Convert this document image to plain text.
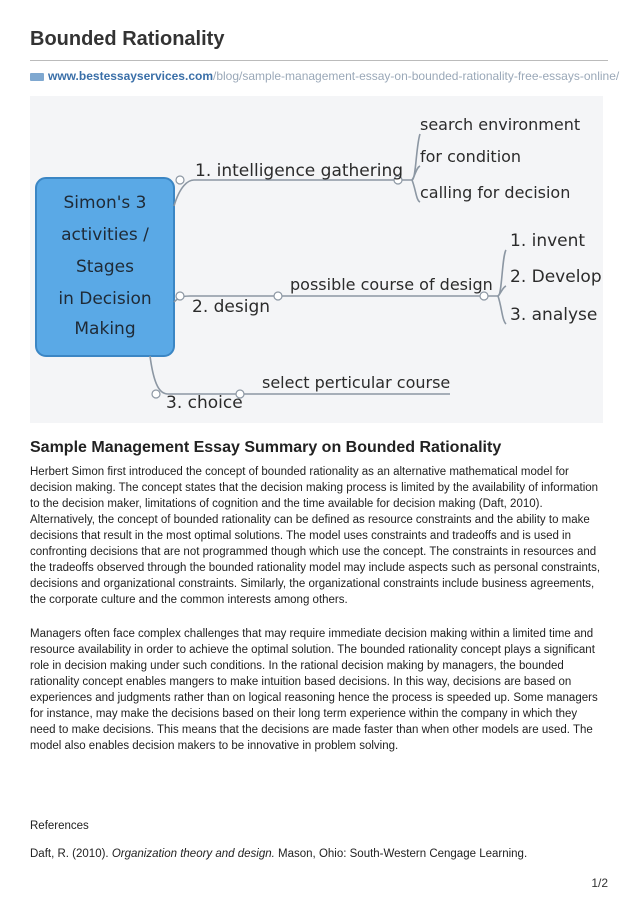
Bounded Rationality
www.bestessayservices.com/blog/sample-management-essay-on-bounded-rationality-free-essays-online/
Simon's 3
activities /
Stages
in Decision
Making
1. intelligence gathering
search environment
for condition
calling for decision
2. design
possible course of design
1. invent
2. Develop
3. analyse
3. choice
select perticular course
Sample Management Essay Summary on Bounded Rationality

Herbert Simon first introduced the concept of bounded rationality as an alternative mathematical model for decision making. The concept states that the decision making process is limited by the availability of information to the decision maker, limitations of cognition and the time available for decision making (Daft, 2010). Alternatively, the concept of bounded rationality can be defined as resource constraints and the ability to make decisions that result in the most optimal solutions. The model uses constraints and tradeoffs and is used in confronting decisions that are not programmed though which use the concept. The constraints in resources and the tradeoffs observed through the bounded rationality model may include aspects such as personal constraints, decisions and organizational constraints. Similarly, the organizational constraints include business agreements, the corporate culture and the common interests among others.

Managers often face complex challenges that may require immediate decision making within a limited time and resource availability in order to achieve the optimal solution. The bounded rationality concept plays a significant role in decision making under such conditions. In the rational decision making by managers, the bounded rationality concept enables mangers to make intuition based decisions. In this way, decisions are based on experiences and judgments rather than on logical reasoning hence the process is speeded up. Some managers for instance, may make the decisions based on their long term experience within the company in which they need to make decisions. This means that the decisions are made faster than when other models are used. The model also enables decision makers to be innovative in problem solving.

References
Daft, R. (2010). Organization theory and design. Mason, Ohio: South-Western Cengage Learning.
1/2
